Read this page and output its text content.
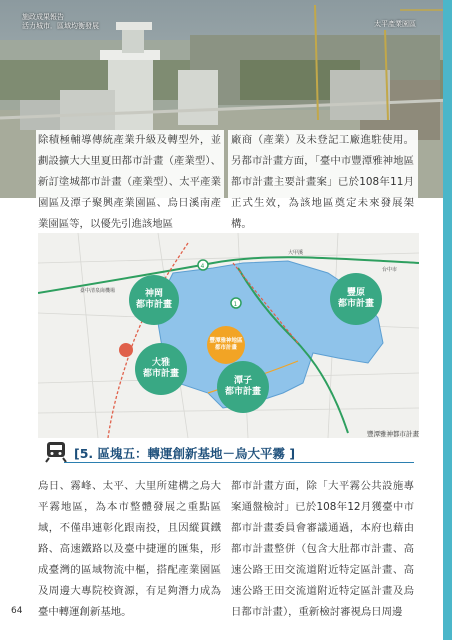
施政成果報告
活力城市．區域均衡發展	太平產業園區
除積極輔導傳統產業升級及轉型外，並劃設擴大大里夏田都市計畫（產業型）、新訂塗城都市計畫（產業型）、太平產業園區及潭子聚興產業園區、烏日溪南產業園區等，以優先引進該地區
廠商（產業）及未登記工廠進駐使用。另都市計畫方面，「臺中市豐潭雅神地區都市計畫主要計畫案」已於108年11月正式生效，為該地區奠定未來發展架構。
4
1
臺中清泉崗機場
台中市
大甲溪
神岡
都市計畫
豐原
都市計畫
大雅
都市計畫
潭子
都市計畫
豐潭雅神地區
都市計畫
豐潭雅神都市計畫
[5. 區塊五：轉運創新基地－烏大平霧 ]
烏日、霧峰、太平、大里所建構之烏大平霧地區，為本市整體發展之重點區域，不僅串連彰化跟南投，且因縱貫鐵路、高速鐵路以及臺中捷運的匯集，形成臺灣的區域物流中樞，搭配產業園區及周邊大專院校資源，有足夠潛力成為臺中轉運創新基地。
都市計畫方面，除「大平霧公共設施專案通盤檢討」已於108年12月獲臺中市都市計畫委員會審議通過，本府也藉由都市計畫整併（包含大肚都市計畫、高速公路王田交流道附近特定區計畫、高速公路王田交流道附近特定區計畫及烏日都市計畫），重新檢討審視烏日周邊
64
